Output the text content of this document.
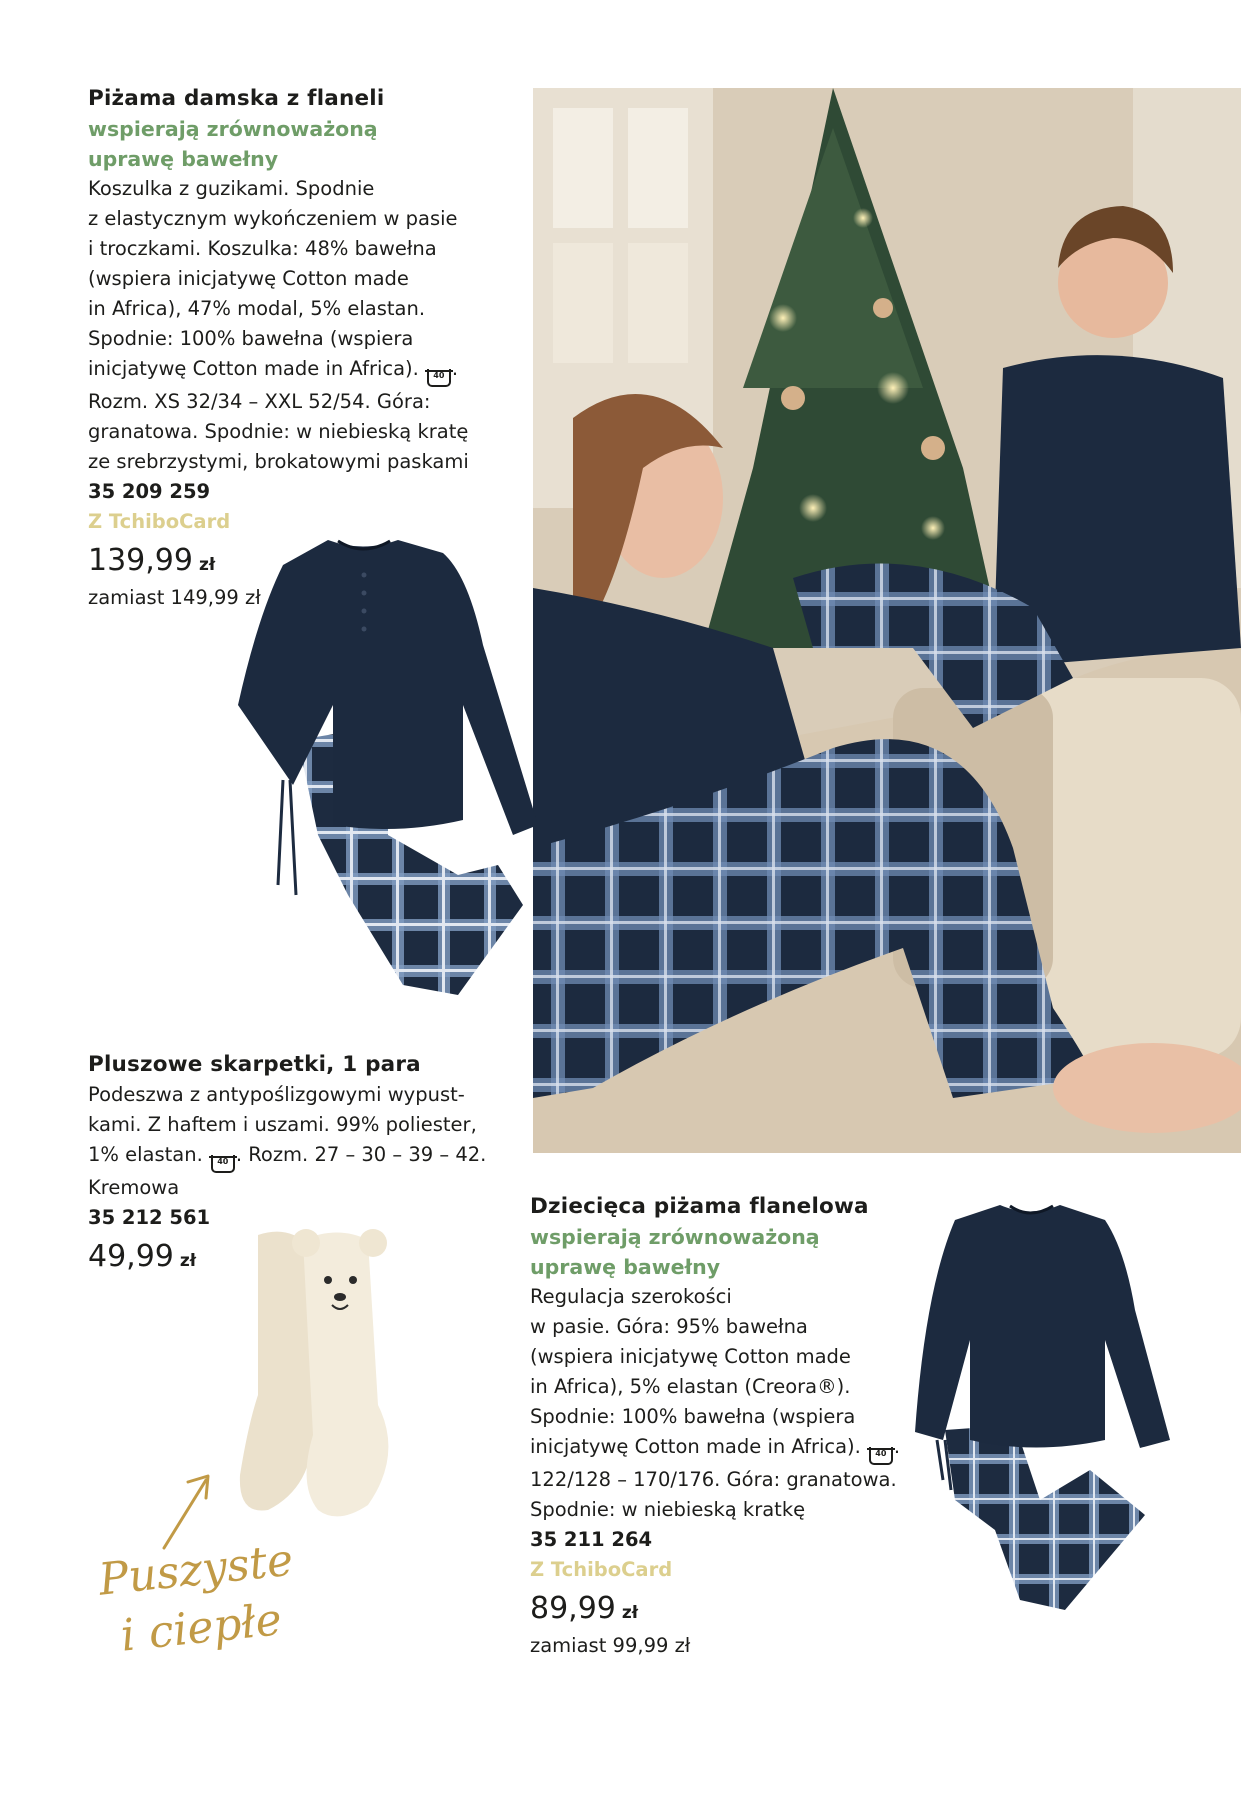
Piżama damska z flaneli
wspierają zrównoważoną
uprawę bawełny
Koszulka z guzikami. Spodnie
z elastycznym wykończeniem w pasie
i troczkami. Koszulka: 48% bawełna
(wspiera inicjatywę Cotton made
in Africa), 47% modal, 5% elastan.
Spodnie: 100% bawełna (wspiera
inicjatywę Cotton made in Africa). 40 .
Rozm. XS 32/34 – XXL 52/54. Góra:
granatowa. Spodnie: w niebieską kratę
ze srebrzystymi, brokatowymi paskami
35 209 259
Z TchiboCard
139,99 zł
zamiast 149,99 zł
Pluszowe skarpetki, 1 para
Podeszwa z antypoślizgowymi wypust-
kami. Z haftem i uszami. 99% poliester,
1% elastan. 40 . Rozm. 27 – 30 – 39 – 42.
Kremowa
35 212 561
49,99 zł
Puszyste
i ciepłe
Dziecięca piżama flanelowa
wspierają zrównoważoną
uprawę bawełny
Regulacja szerokości
w pasie. Góra: 95% bawełna
(wspiera inicjatywę Cotton made
in Africa), 5% elastan (Creora®).
Spodnie: 100% bawełna (wspiera
inicjatywę Cotton made in Africa). 40 .
122/128 – 170/176. Góra: granatowa.
Spodnie: w niebieską kratkę
35 211 264
Z TchiboCard
89,99 zł
zamiast 99,99 zł
